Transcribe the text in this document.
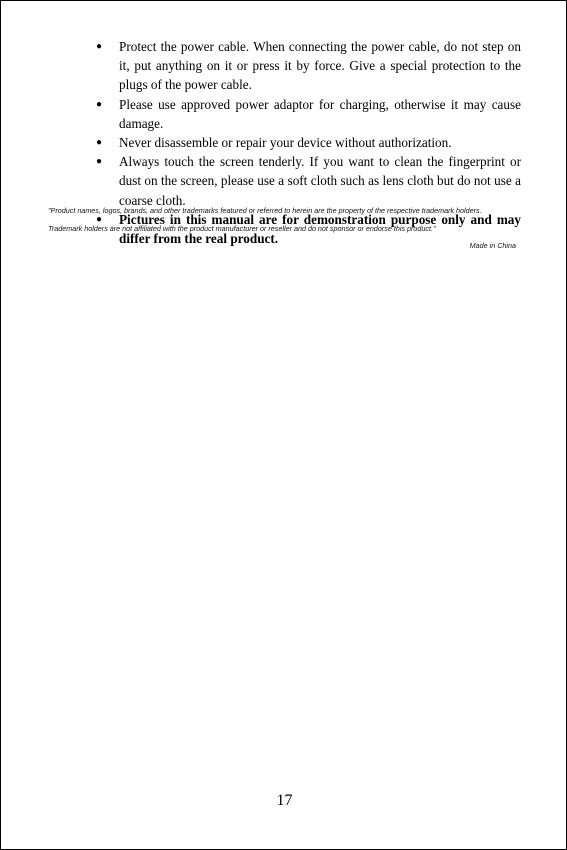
● Protect the power cable. When connecting the power cable, do not step on it, put anything on it or press it by force. Give a special protection to the plugs of the power cable.
● Please use approved power adaptor for charging, otherwise it may cause damage.
● Never disassemble or repair your device without authorization.
● Always touch the screen tenderly. If you want to clean the fingerprint or dust on the screen, please use a soft cloth such as lens cloth but do not use a coarse cloth.
● Pictures in this manual are for demonstration purpose only and may differ from the real product.

"Product names, logos, brands, and other trademarks featured or referred to herein are the property of the respective trademark holders.

Trademark holders are not affiliated with the product manufacturer or reseller and do not sponsor or endorse this product."

Made in China

17
